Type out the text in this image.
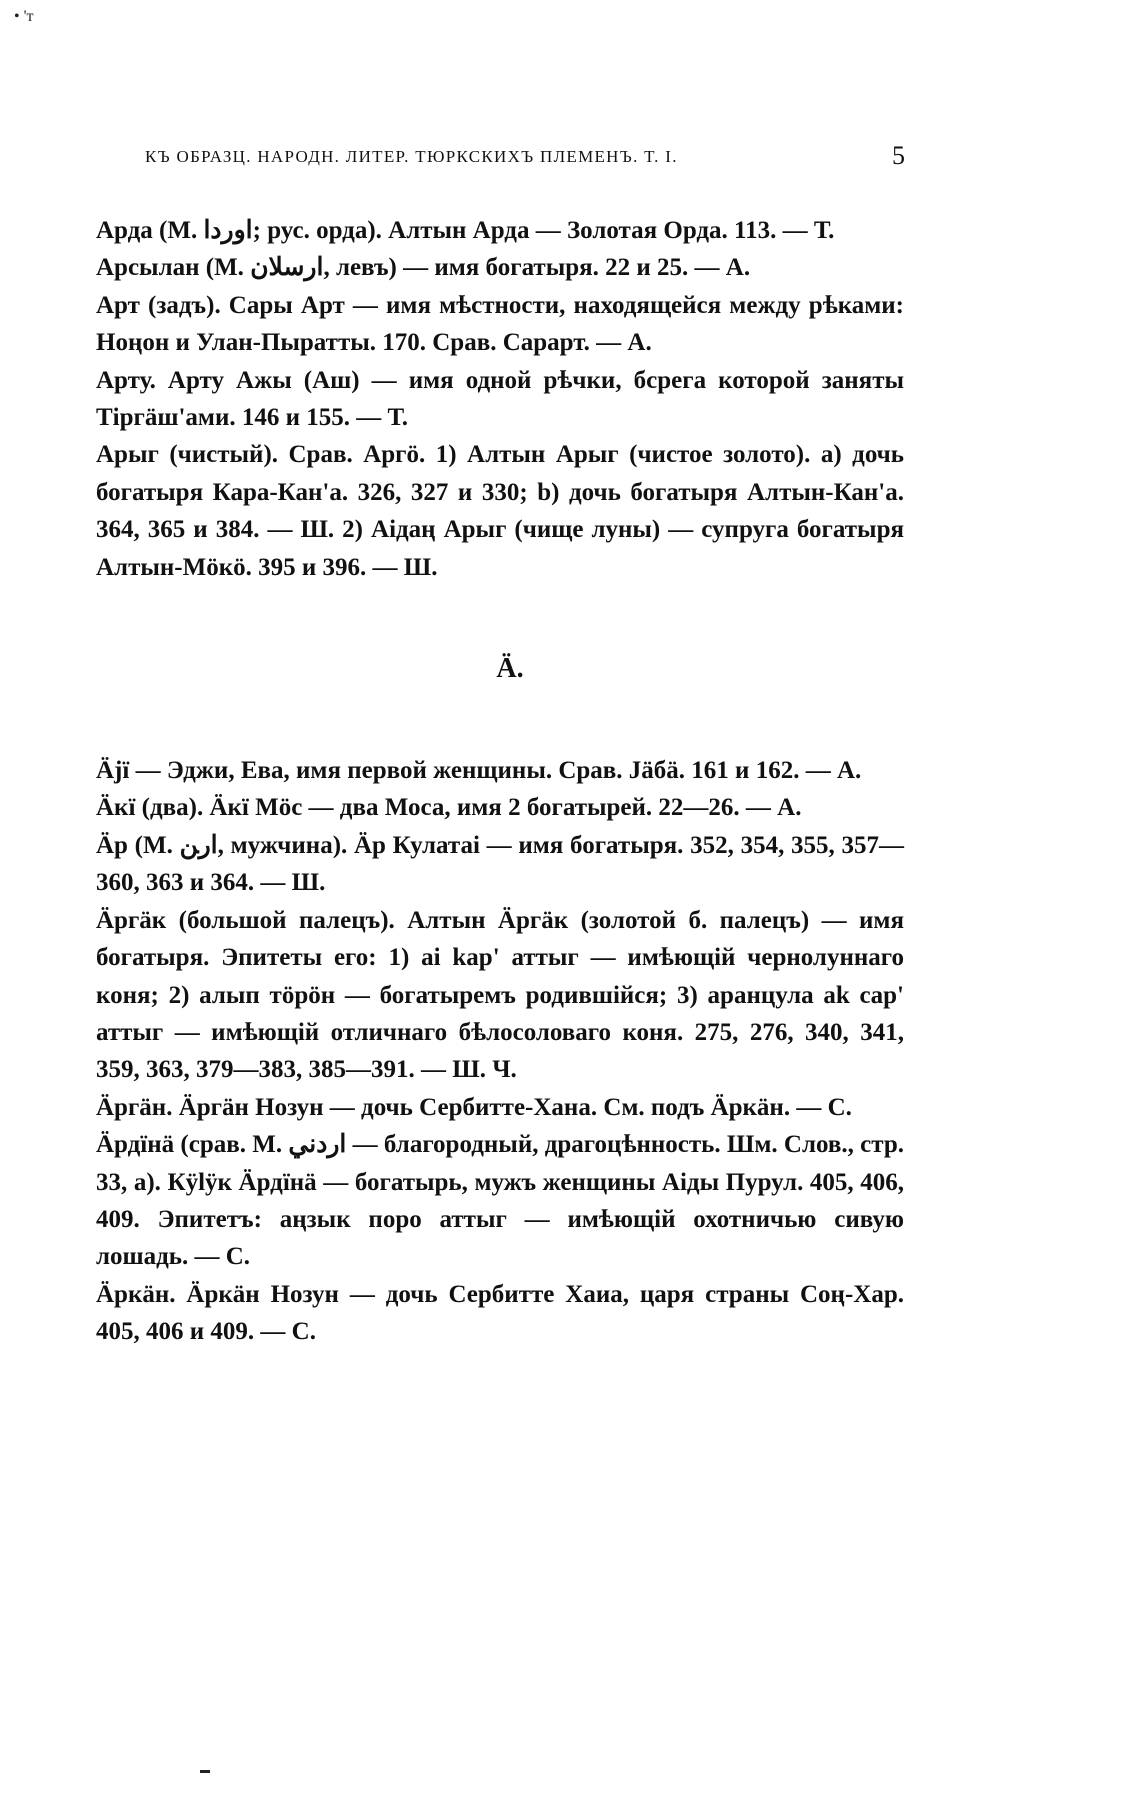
• 'т
КЪ ОБРАЗЦ. НАРОДН. ЛИТЕР. ТЮРКСКИХЪ ПЛЕМЕНЪ. Т. I.	5

Арда (М. ﺍﻭﺭﺩﺍ; рус. орда). Алтын Арда — Золотая Орда. 113. — Т.

Арсылан (М. ﺍﺭﺳﻼﻥ, левъ) — имя богатыря. 22 и 25. — А.

Арт (задъ). Сары Арт — имя мѣстности, находящейся между рѣками: Ноңон и Улан-Пыратты. 170. Срав. Сарарт. — А.

Арту. Арту Ажы (Аш) — имя одной рѣчки, бсрега которой заняты Тiргäш'ами. 146 и 155. — Т.

Арыг (чистый). Срав. Аргӧ. 1) Алтын Арыг (чистое золото). a) дочь богатыря Кара-Кан'а. 326, 327 и 330; b) дочь богатыря Алтын-Кан'а. 364, 365 и 384. — Ш. 2) Аiдаң Арыг (чище луны) — супруга богатыря Алтын-Мӧкӧ. 395 и 396. — Ш.

Ä.

Äjï — Эджи, Ева, имя первой женщины. Срав. Jäбä. 161 и 162. — А.

Äкï (два). Äкï Мӧс — два Моса, имя 2 богатырей. 22—26. — А.

Äр (М. ﺍﺭﻦ, мужчина). Äр Кулатаi — имя богатыря. 352, 354, 355, 357—360, 363 и 364. — Ш.

Äргäк (большой палецъ). Алтын Äргäк (золотой б. палецъ) — имя богатыря. Эпитеты его: 1) аi kар' аттыг — имѣющiй чернолуннаго коня; 2) алып тӧрӧн — богатыремъ родившiйся; 3) аранцула ak cap' аттыг — имѣющiй отличнаго бѣлосоловаго коня. 275, 276, 340, 341, 359, 363, 379—383, 385—391. — Ш. Ч.

Äргäн. Äргäн Нозун — дочь Сербитте-Хана. См. подъ Äркäн. — С.

Äрдïнä (срав. М. ﺍﺭﺩﻧﻲ — благородный, драгоцѣнность. Шм. Слов., стр. 33, а). Кÿlÿк Äрдïнä — богатырь, мужъ женщины Аiды Пурул. 405, 406, 409. Эпитетъ: аңзык поро аттыг — имѣющiй охотничью сивую лошадь. — С.

Äркäн. Äркäн Нозун — дочь Сербитте Хаиа, царя страны Соң-Хар. 405, 406 и 409. — С.
